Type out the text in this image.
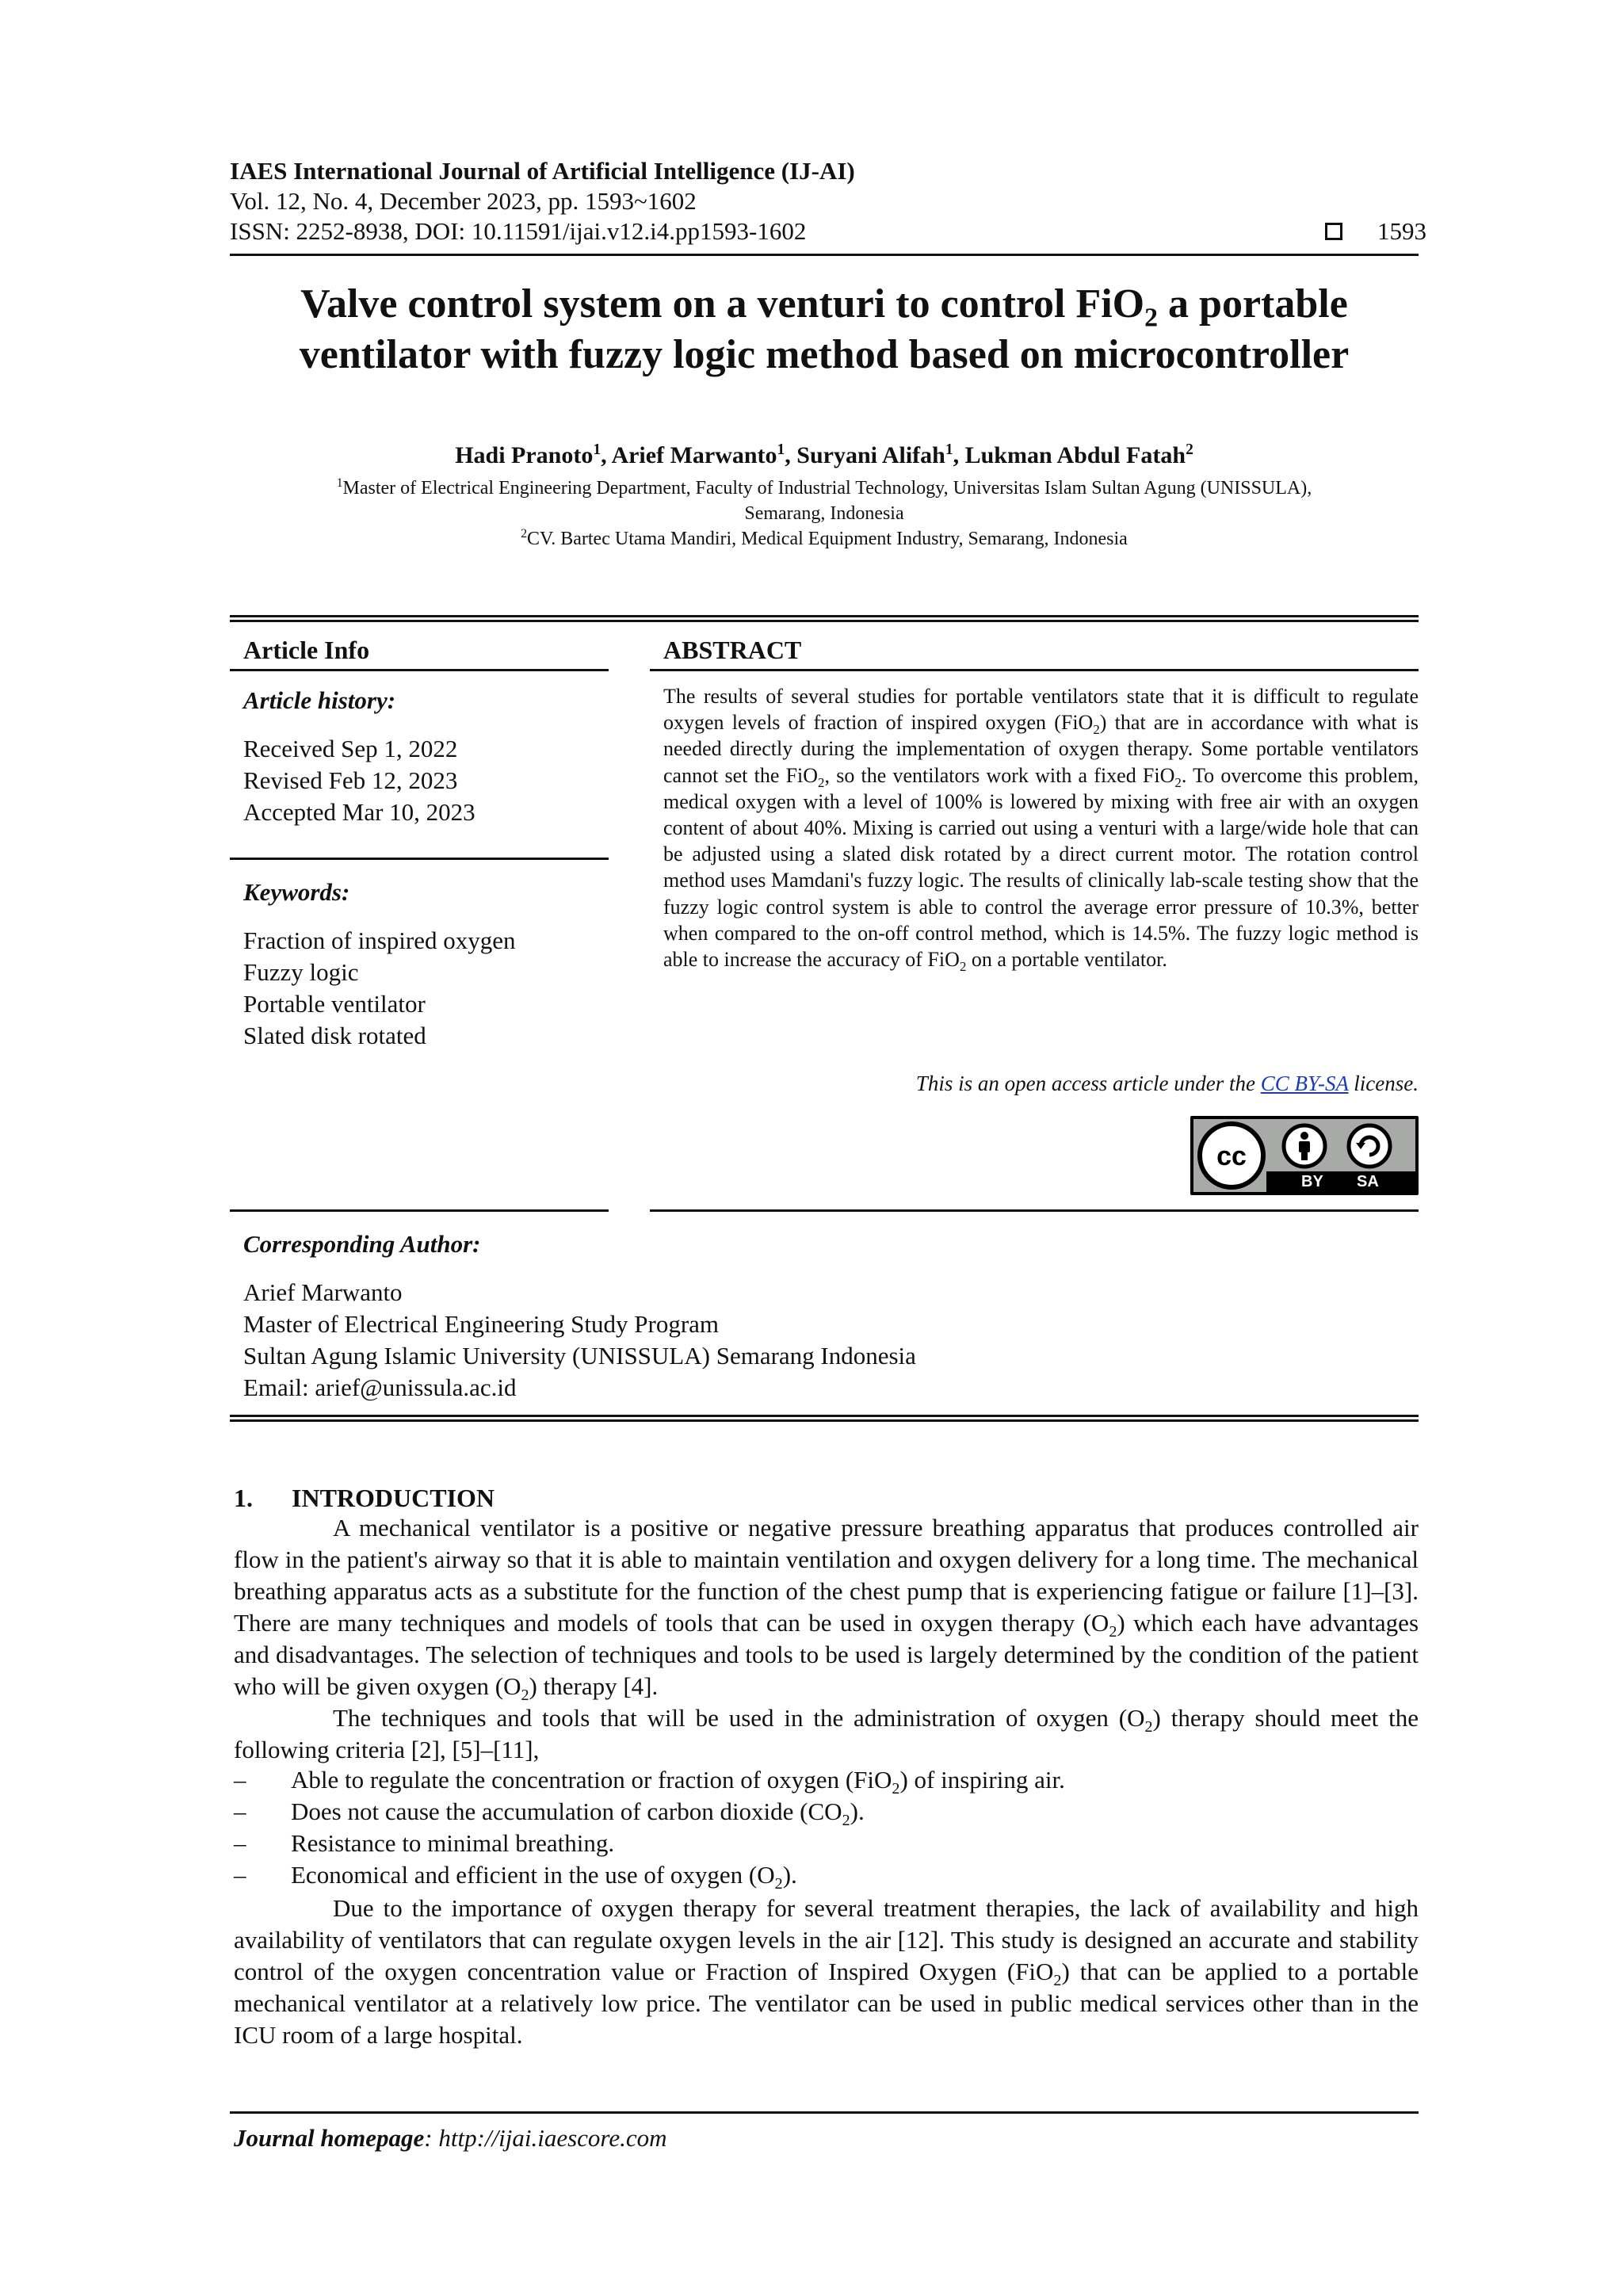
IAES International Journal of Artificial Intelligence (IJ-AI)
Vol. 12, No. 4, December 2023, pp. 1593~1602
ISSN: 2252-8938, DOI: 10.11591/ijai.v12.i4.pp1593-1602	1593
Valve control system on a venturi to control FiO$_2$ a portable
ventilator with fuzzy logic method based on microcontroller
Hadi Pranoto$^1$, Arief Marwanto$^1$, Suryani Alifah$^1$, Lukman Abdul Fatah$^2$
$^1$Master of Electrical Engineering Department, Faculty of Industrial Technology, Universitas Islam Sultan Agung (UNISSULA),
Semarang, Indonesia
$^2$CV. Bartec Utama Mandiri, Medical Equipment Industry, Semarang, Indonesia
Article Info
Article history:
Received Sep 1, 2022
Revised Feb 12, 2023
Accepted Mar 10, 2023
Keywords:
Fraction of inspired oxygen
Fuzzy logic
Portable ventilator
Slated disk rotated
ABSTRACT
The results of several studies for portable ventilators state that it is difficult to regulate oxygen levels of fraction of inspired oxygen (FiO$_2$) that are in accordance with what is needed directly during the implementation of oxygen therapy. Some portable ventilators cannot set the FiO$_2$, so the ventilators work with a fixed FiO$_2$. To overcome this problem, medical oxygen with a level of 100% is lowered by mixing with free air with an oxygen content of about 40%. Mixing is carried out using a venturi with a large/wide hole that can be adjusted using a slated disk rotated by a direct current motor. The rotation control method uses Mamdani's fuzzy logic. The results of clinically lab-scale testing show that the fuzzy logic control system is able to control the average error pressure of 10.3%, better when compared to the on-off control method, which is 14.5%. The fuzzy logic method is able to increase the accuracy of FiO$_2$ on a portable ventilator.
This is an open access article under the CC BY-SA license.
cc
BY SA
Corresponding Author:
Arief Marwanto
Master of Electrical Engineering Study Program
Sultan Agung Islamic University (UNISSULA) Semarang Indonesia
Email: arief@unissula.ac.id
1. INTRODUCTION
A mechanical ventilator is a positive or negative pressure breathing apparatus that produces controlled air flow in the patient's airway so that it is able to maintain ventilation and oxygen delivery for a long time. The mechanical breathing apparatus acts as a substitute for the function of the chest pump that is experiencing fatigue or failure [1]–[3]. There are many techniques and models of tools that can be used in oxygen therapy $(O_2)$ which each have advantages and disadvantages. The selection of techniques and tools to be used is largely determined by the condition of the patient who will be given oxygen $(O_2)$ therapy [4].
The techniques and tools that will be used in the administration of oxygen $(O_2)$ therapy should meet the following criteria [2], [5]–[11],
– Able to regulate the concentration or fraction of oxygen (FiO$_2$) of inspiring air.
– Does not cause the accumulation of carbon dioxide $(CO_2)$.
– Resistance to minimal breathing.
– Economical and efficient in the use of oxygen $(O_2)$.
Due to the importance of oxygen therapy for several treatment therapies, the lack of availability and high availability of ventilators that can regulate oxygen levels in the air [12]. This study is designed an accurate and stability control of the oxygen concentration value or Fraction of Inspired Oxygen (FiO$_2$) that can be applied to a portable mechanical ventilator at a relatively low price. The ventilator can be used in public medical services other than in the ICU room of a large hospital.
Journal homepage: http://ijai.iaescore.com
